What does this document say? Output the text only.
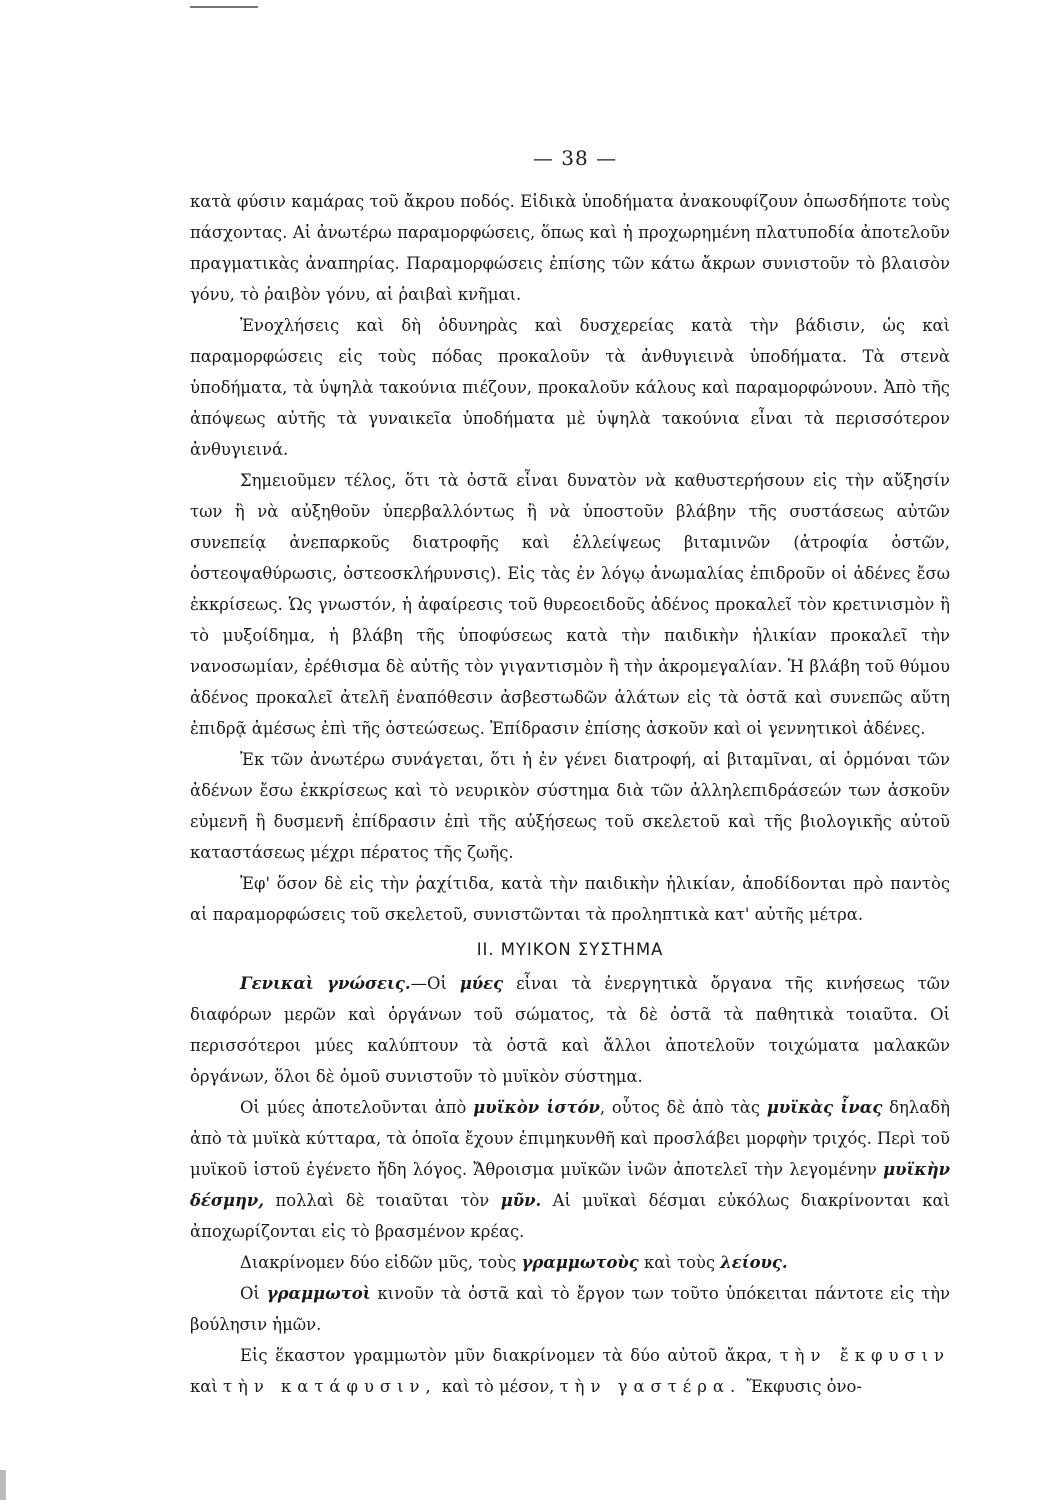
— 38 —

κατὰ φύσιν καμάρας τοῦ ἄκρου ποδός. Εἰδικὰ ὑποδήματα ἀνακουφίζουν ὁπωσδήποτε τοὺς πάσχοντας. Αἱ ἀνωτέρω παραμορφώσεις, ὅπως καὶ ἡ προχωρημένη πλατυποδία ἀποτελοῦν πραγματικὰς ἀναπηρίας. Παραμορφώσεις ἐπίσης τῶν κάτω ἄκρων συνιστοῦν τὸ βλαισὸν γόνυ, τὸ ῥαιβὸν γόνυ, αἱ ῥαιβαὶ κνῆμαι.

Ἐνοχλήσεις καὶ δὴ ὀδυνηρὰς καὶ δυσχερείας κατὰ τὴν βάδισιν, ὡς καὶ παραμορφώσεις εἰς τοὺς πόδας προκαλοῦν τὰ ἀνθυγιεινὰ ὑποδήματα. Τὰ στενὰ ὑποδήματα, τὰ ὑψηλὰ τακούνια πιέζουν, προκαλοῦν κάλους καὶ παραμορφώνουν. Ἀπὸ τῆς ἀπόψεως αὐτῆς τὰ γυναικεῖα ὑποδήματα μὲ ὑψηλὰ τακούνια εἶναι τὰ περισσότερον ἀνθυγιεινά.

Σημειοῦμεν τέλος, ὅτι τὰ ὀστᾶ εἶναι δυνατὸν νὰ καθυστερήσουν εἰς τὴν αὔξησίν των ἢ νὰ αὐξηθοῦν ὑπερβαλλόντως ἢ νὰ ὑποστοῦν βλάβην τῆς συστάσεως αὐτῶν συνεπείᾳ ἀνεπαρκοῦς διατροφῆς καὶ ἐλλείψεως βιταμινῶν (ἀτροφία ὀστῶν, ὀστεοψαθύρωσις, ὀστεοσκλήρυνσις). Εἰς τὰς ἐν λόγῳ ἀνωμαλίας ἐπιδροῦν οἱ ἀδένες ἔσω ἐκκρίσεως. Ὡς γνωστόν, ἡ ἀφαίρεσις τοῦ θυρεοειδοῦς ἀδένος προκαλεῖ τὸν κρετινισμὸν ἢ τὸ μυξοίδημα, ἡ βλάβη τῆς ὑποφύσεως κατὰ τὴν παιδικὴν ἡλικίαν προκαλεῖ τὴν νανοσωμίαν, ἐρέθισμα δὲ αὐτῆς τὸν γιγαντισμὸν ἢ τὴν ἀκρομεγαλίαν. Ἡ βλάβη τοῦ θύμου ἀδένος προκαλεῖ ἀτελῆ ἐναπόθεσιν ἀσβεστωδῶν ἁλάτων εἰς τὰ ὀστᾶ καὶ συνεπῶς αὕτη ἐπιδρᾷ ἀμέσως ἐπὶ τῆς ὀστεώσεως. Ἐπίδρασιν ἐπίσης ἀσκοῦν καὶ οἱ γεννητικοὶ ἀδένες.

Ἐκ τῶν ἀνωτέρω συνάγεται, ὅτι ἡ ἐν γένει διατροφή, αἱ βιταμῖναι, αἱ ὁρμόναι τῶν ἀδένων ἔσω ἐκκρίσεως καὶ τὸ νευρικὸν σύστημα διὰ τῶν ἀλληλεπιδράσεών των ἀσκοῦν εὐμενῆ ἢ δυσμενῆ ἐπίδρασιν ἐπὶ τῆς αὐξήσεως τοῦ σκελετοῦ καὶ τῆς βιολογικῆς αὐτοῦ καταστάσεως μέχρι πέρατος τῆς ζωῆς.

Ἐφ' ὅσον δὲ εἰς τὴν ῥαχίτιδα, κατὰ τὴν παιδικὴν ἡλικίαν, ἀποδίδονται πρὸ παντὸς αἱ παραμορφώσεις τοῦ σκελετοῦ, συνιστῶνται τὰ προληπτικὰ κατ' αὐτῆς μέτρα.

II. ΜΥΙΚΟΝ ΣΥΣΤΗΜΑ

Γενικαὶ γνώσεις.—Οἱ μύες εἶναι τὰ ἐνεργητικὰ ὄργανα τῆς κινήσεως τῶν διαφόρων μερῶν καὶ ὀργάνων τοῦ σώματος, τὰ δὲ ὀστᾶ τὰ παθητικὰ τοιαῦτα. Οἱ περισσότεροι μύες καλύπτουν τὰ ὀστᾶ καὶ ἄλλοι ἀποτελοῦν τοιχώματα μαλακῶν ὀργάνων, ὅλοι δὲ ὁμοῦ συνιστοῦν τὸ μυϊκὸν σύστημα.

Οἱ μύες ἀποτελοῦνται ἀπὸ μυϊκὸν ἱστόν, οὗτος δὲ ἀπὸ τὰς μυϊκὰς ἶνας δηλαδὴ ἀπὸ τὰ μυϊκὰ κύτταρα, τὰ ὁποῖα ἔχουν ἐπιμηκυνθῆ καὶ προσλάβει μορφὴν τριχός. Περὶ τοῦ μυϊκοῦ ἱστοῦ ἐγένετο ἤδη λόγος. Ἄθροισμα μυϊκῶν ἰνῶν ἀποτελεῖ τὴν λεγομένην μυϊκὴν δέσμην, πολλαὶ δὲ τοιαῦται τὸν μῦν. Αἱ μυϊκαὶ δέσμαι εὐκόλως διακρίνονται καὶ ἀποχωρίζονται εἰς τὸ βρασμένον κρέας.

Διακρίνομεν δύο εἰδῶν μῦς, τοὺς γραμμωτοὺς καὶ τοὺς λείους.

Οἱ γραμμωτοὶ κινοῦν τὰ ὀστᾶ καὶ τὸ ἔργον των τοῦτο ὑπόκειται πάντοτε εἰς τὴν βούλησιν ἡμῶν.

Εἰς ἕκαστον γραμμωτὸν μῦν διακρίνομεν τὰ δύο αὐτοῦ ἄκρα, τὴν ἔκφυσιν καὶ τὴν κατάφυσιν, καὶ τὸ μέσον, τὴν γαστέρα. Ἔκφυσις ὀνο-
